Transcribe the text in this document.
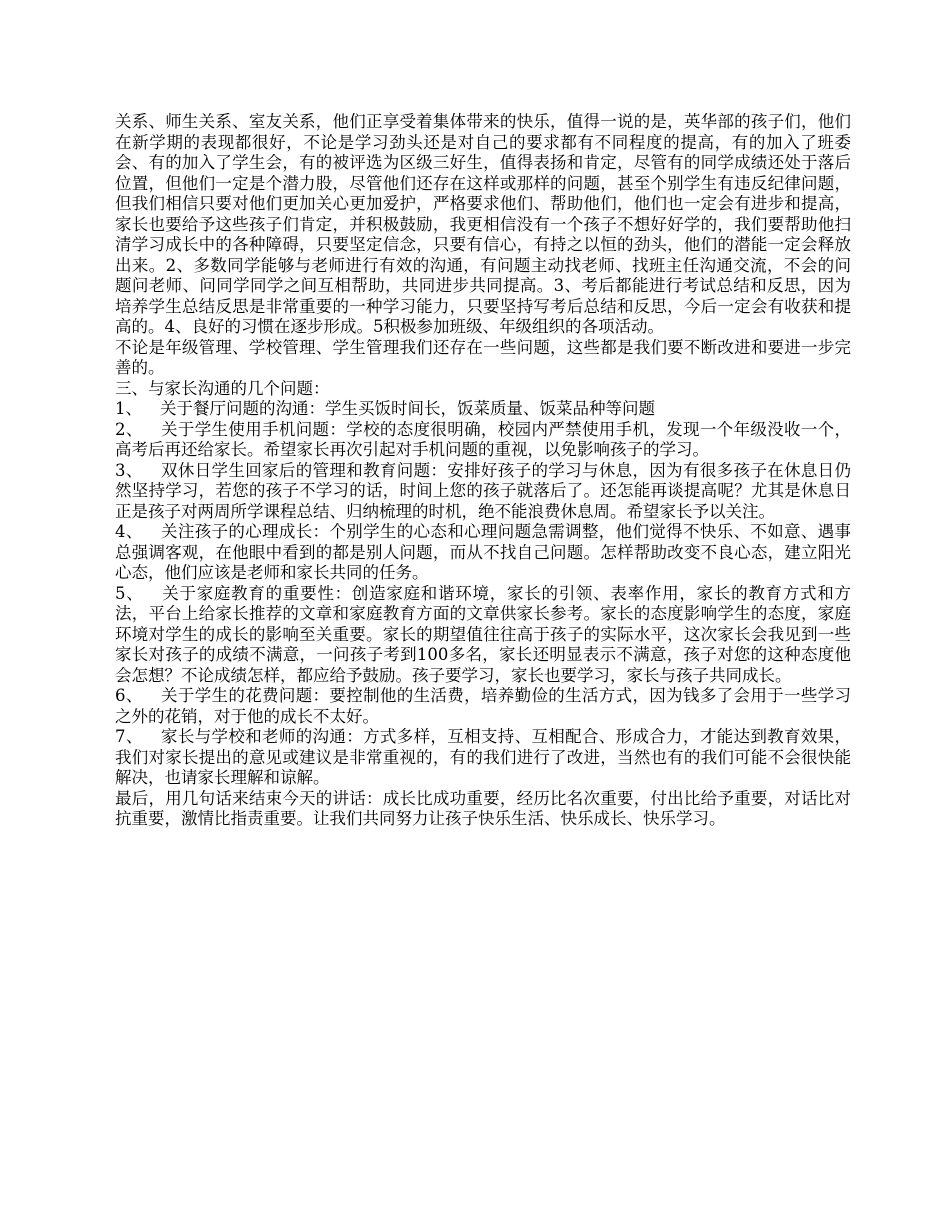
关系、师生关系、室友关系，他们正享受着集体带来的快乐，值得一说的是，英华部的孩子们，他们在新学期的表现都很好，不论是学习劲头还是对自己的要求都有不同程度的提高，有的加入了班委会、有的加入了学生会，有的被评选为区级三好生，值得表扬和肯定，尽管有的同学成绩还处于落后位置，但他们一定是个潜力股，尽管他们还存在这样或那样的问题，甚至个别学生有违反纪律问题，但我们相信只要对他们更加关心更加爱护，严格要求他们、帮助他们，他们也一定会有进步和提高，家长也要给予这些孩子们肯定，并积极鼓励，我更相信没有一个孩子不想好好学的，我们要帮助他扫清学习成长中的各种障碍，只要坚定信念，只要有信心，有持之以恒的劲头，他们的潜能一定会释放出来。2、多数同学能够与老师进行有效的沟通，有问题主动找老师、找班主任沟通交流，不会的问题问老师、问同学同学之间互相帮助，共同进步共同提高。3、考后都能进行考试总结和反思，因为培养学生总结反思是非常重要的一种学习能力，只要坚持写考后总结和反思，今后一定会有收获和提高的。4、良好的习惯在逐步形成。5积极参加班级、年级组织的各项活动。

不论是年级管理、学校管理、学生管理我们还存在一些问题，这些都是我们要不断改进和要进一步完善的。

三、与家长沟通的几个问题：

1、 关于餐厅问题的沟通：学生买饭时间长，饭菜质量、饭菜品种等问题

2、 关于学生使用手机问题：学校的态度很明确，校园内严禁使用手机，发现一个年级没收一个，高考后再还给家长。希望家长再次引起对手机问题的重视，以免影响孩子的学习。

3、 双休日学生回家后的管理和教育问题：安排好孩子的学习与休息，因为有很多孩子在休息日仍然坚持学习，若您的孩子不学习的话，时间上您的孩子就落后了。还怎能再谈提高呢？尤其是休息日正是孩子对两周所学课程总结、归纳梳理的时机，绝不能浪费休息周。希望家长予以关注。

4、 关注孩子的心理成长：个别学生的心态和心理问题急需调整，他们觉得不快乐、不如意、遇事总强调客观，在他眼中看到的都是别人问题，而从不找自己问题。怎样帮助改变不良心态，建立阳光心态，他们应该是老师和家长共同的任务。

5、 关于家庭教育的重要性：创造家庭和谐环境，家长的引领、表率作用，家长的教育方式和方法，平台上给家长推荐的文章和家庭教育方面的文章供家长参考。家长的态度影响学生的态度，家庭环境对学生的成长的影响至关重要。家长的期望值往往高于孩子的实际水平，这次家长会我见到一些家长对孩子的成绩不满意，一问孩子考到100多名，家长还明显表示不满意，孩子对您的这种态度他会怎想？不论成绩怎样，都应给予鼓励。孩子要学习，家长也要学习，家长与孩子共同成长。

6、 关于学生的花费问题：要控制他的生活费，培养勤俭的生活方式，因为钱多了会用于一些学习之外的花销，对于他的成长不太好。

7、 家长与学校和老师的沟通：方式多样，互相支持、互相配合、形成合力，才能达到教育效果，我们对家长提出的意见或建议是非常重视的，有的我们进行了改进，当然也有的我们可能不会很快能解决，也请家长理解和谅解。

最后，用几句话来结束今天的讲话：成长比成功重要，经历比名次重要，付出比给予重要，对话比对抗重要，激情比指责重要。让我们共同努力让孩子快乐生活、快乐成长、快乐学习。
